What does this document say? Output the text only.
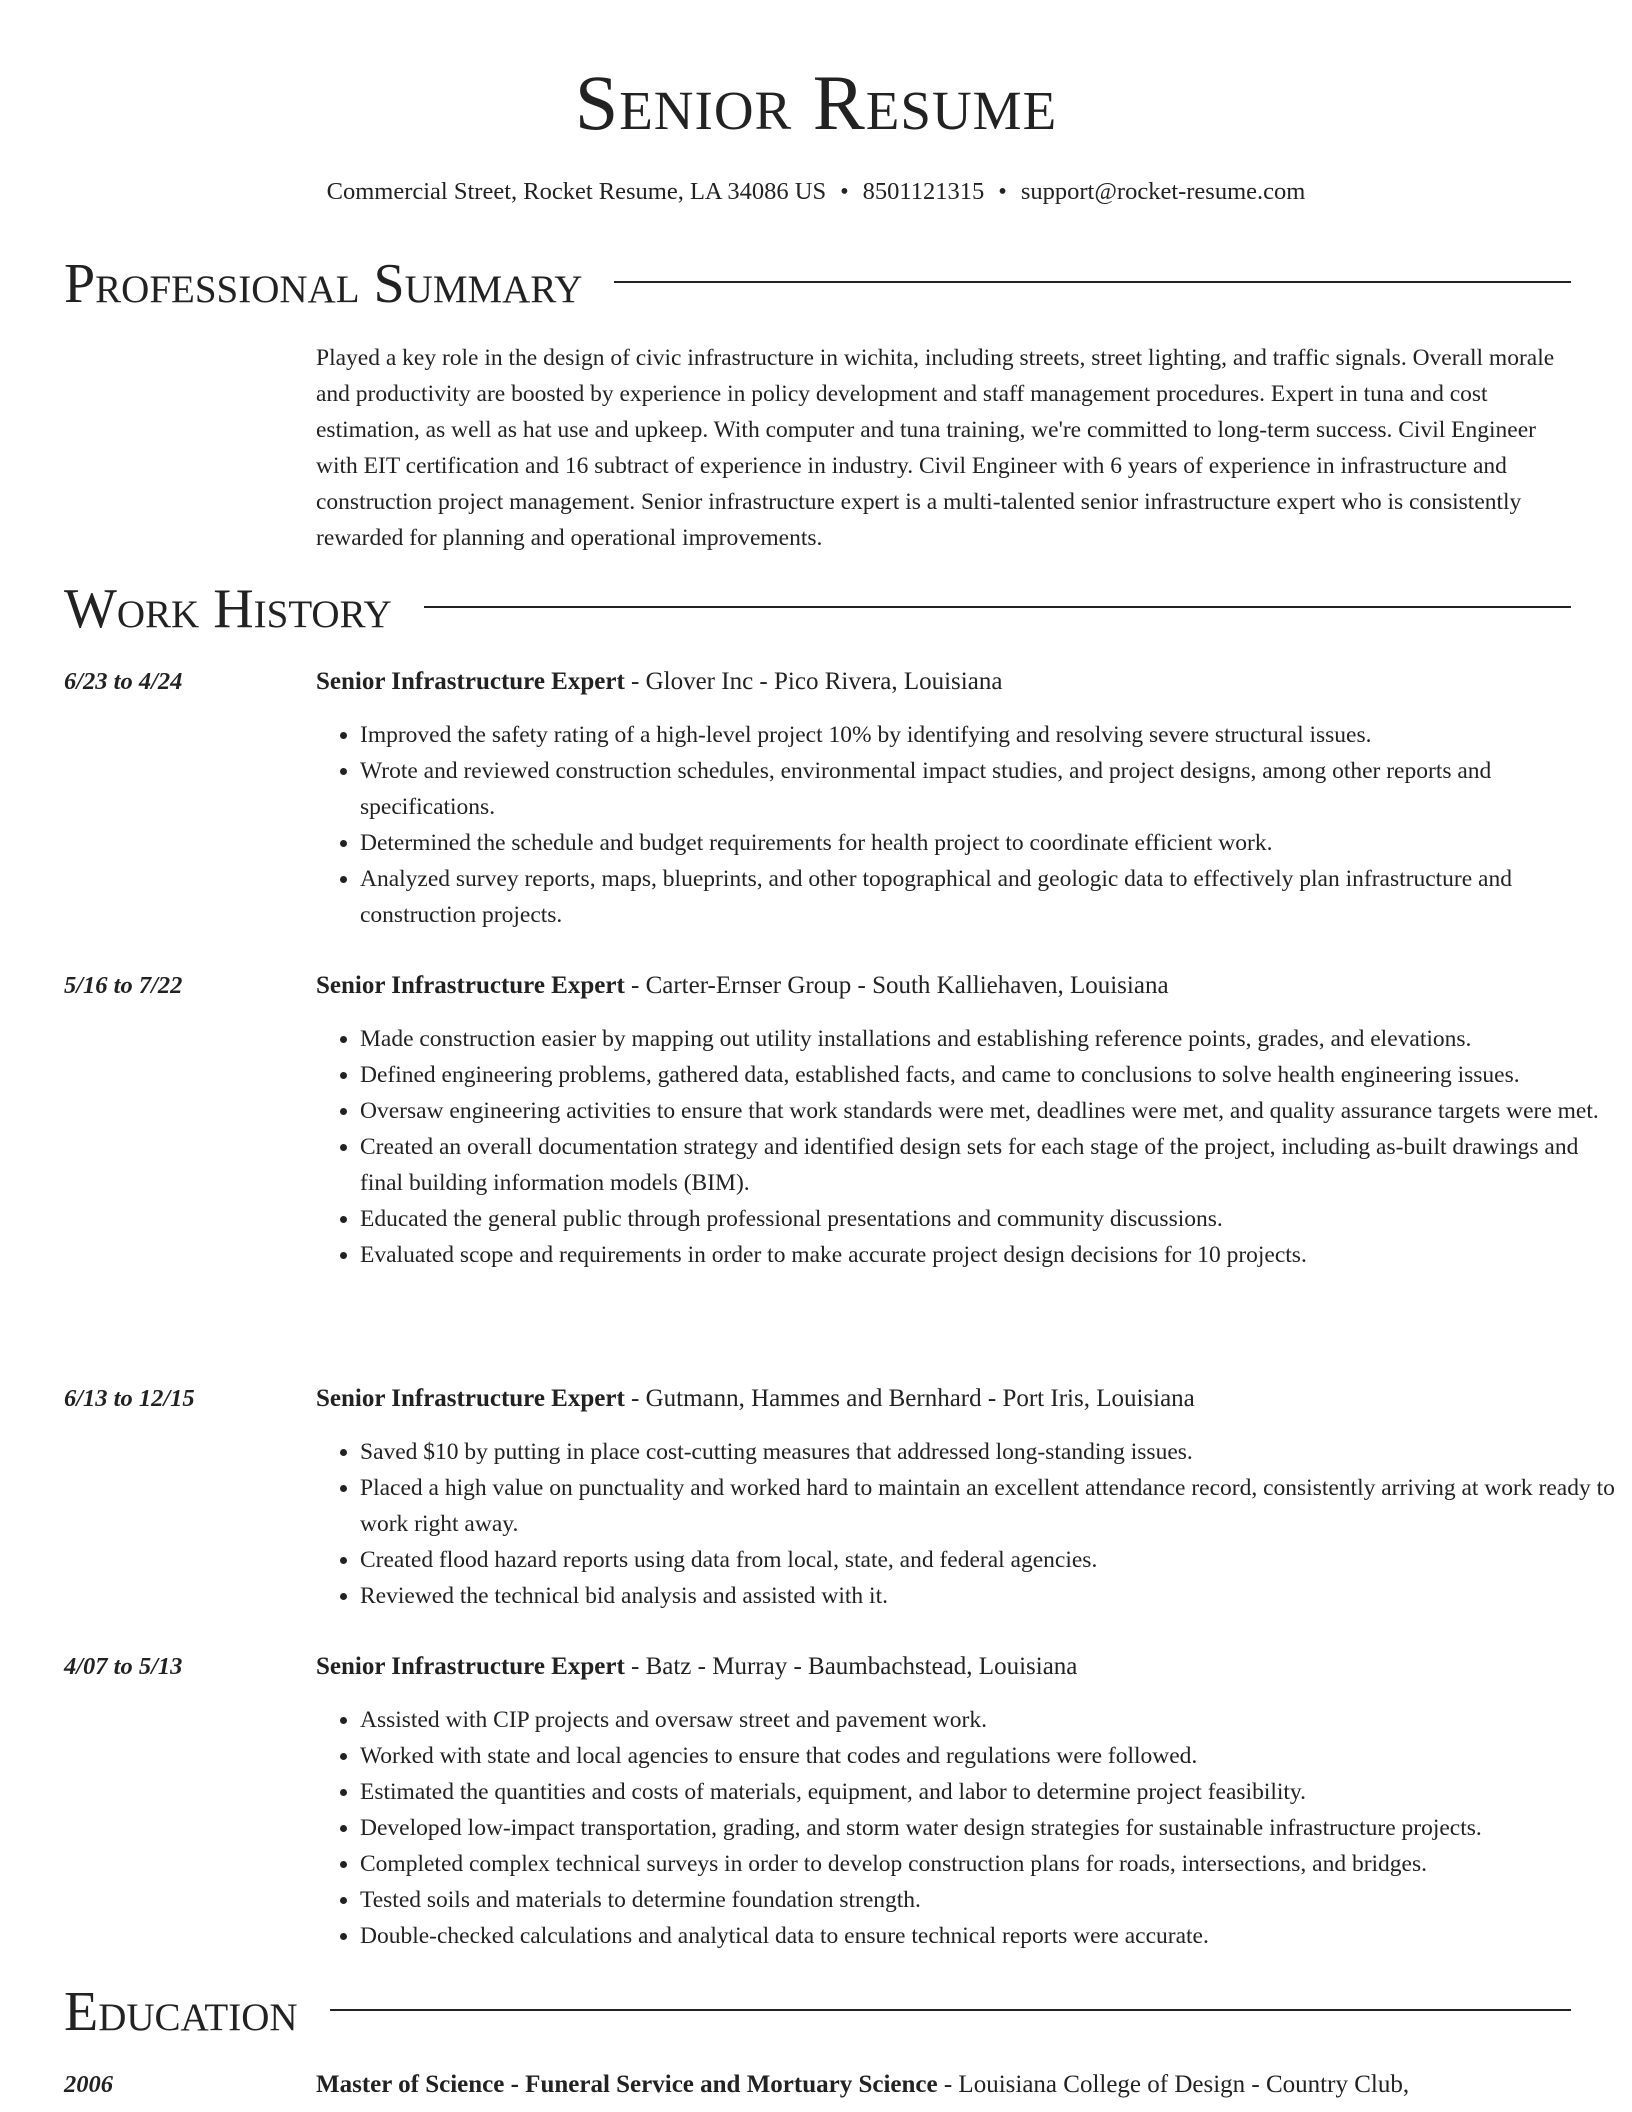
Senior Resume
Commercial Street, Rocket Resume, LA 34086 US • 8501121315 • support@rocket-resume.com
Professional Summary

Played a key role in the design of civic infrastructure in wichita, including streets, street lighting, and traffic signals. Overall morale and productivity are boosted by experience in policy development and staff management procedures. Expert in tuna and cost estimation, as well as hat use and upkeep. With computer and tuna training, we're committed to long-term success. Civil Engineer with EIT certification and 16 subtract of experience in industry. Civil Engineer with 6 years of experience in infrastructure and construction project management. Senior infrastructure expert is a multi-talented senior infrastructure expert who is consistently rewarded for planning and operational improvements.

Work History
6/23 to 4/24	Senior Infrastructure Expert - Glover Inc - Pico Rivera, Louisiana
• Improved the safety rating of a high-level project 10% by identifying and resolving severe structural issues.
• Wrote and reviewed construction schedules, environmental impact studies, and project designs, among other reports and specifications.
• Determined the schedule and budget requirements for health project to coordinate efficient work.
• Analyzed survey reports, maps, blueprints, and other topographical and geologic data to effectively plan infrastructure and construction projects.
5/16 to 7/22	Senior Infrastructure Expert - Carter-Ernser Group - South Kalliehaven, Louisiana
• Made construction easier by mapping out utility installations and establishing reference points, grades, and elevations.
• Defined engineering problems, gathered data, established facts, and came to conclusions to solve health engineering issues.
• Oversaw engineering activities to ensure that work standards were met, deadlines were met, and quality assurance targets were met.
• Created an overall documentation strategy and identified design sets for each stage of the project, including as-built drawings and final building information models (BIM).
• Educated the general public through professional presentations and community discussions.
• Evaluated scope and requirements in order to make accurate project design decisions for 10 projects.
6/13 to 12/15	Senior Infrastructure Expert - Gutmann, Hammes and Bernhard - Port Iris, Louisiana
• Saved $10 by putting in place cost-cutting measures that addressed long-standing issues.
• Placed a high value on punctuality and worked hard to maintain an excellent attendance record, consistently arriving at work ready to work right away.
• Created flood hazard reports using data from local, state, and federal agencies.
• Reviewed the technical bid analysis and assisted with it.
4/07 to 5/13	Senior Infrastructure Expert - Batz - Murray - Baumbachstead, Louisiana
• Assisted with CIP projects and oversaw street and pavement work.
• Worked with state and local agencies to ensure that codes and regulations were followed.
• Estimated the quantities and costs of materials, equipment, and labor to determine project feasibility.
• Developed low-impact transportation, grading, and storm water design strategies for sustainable infrastructure projects.
• Completed complex technical surveys in order to develop construction plans for roads, intersections, and bridges.
• Tested soils and materials to determine foundation strength.
• Double-checked calculations and analytical data to ensure technical reports were accurate.
Education
2006	Master of Science - Funeral Service and Mortuary Science - Louisiana College of Design - Country Club,
